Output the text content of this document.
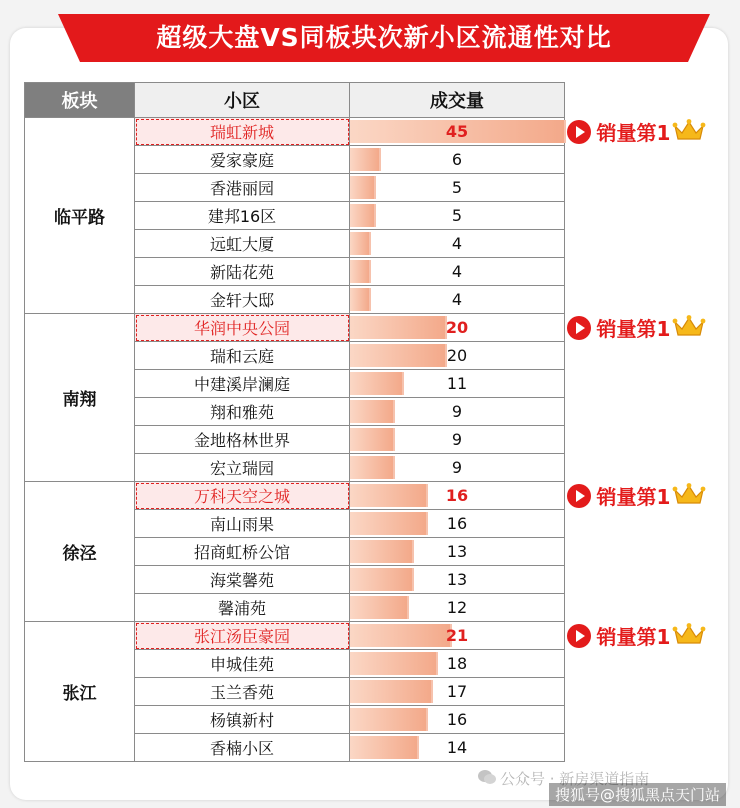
超级大盘VS同板块次新小区流通性对比
板块	小区	成交量
临平路	瑞虹新城	45
	爱家豪庭	6
	香港丽园	5
	建邦16区	5
	远虹大厦	4
	新陆花苑	4
	金轩大邸	4
南翔	华润中央公园	20
	瑞和云庭	20
	中建溪岸澜庭	11
	翔和雅苑	9
	金地格林世界	9
	宏立瑞园	9
徐泾	万科天空之城	16
	南山雨果	16
	招商虹桥公馆	13
	海棠馨苑	13
	馨浦苑	12
张江	张江汤臣豪园	21
	申城佳苑	18
	玉兰香苑	17
	杨镇新村	16
	香楠小区	14
销量第1
销量第1
销量第1
销量第1
公众号 · 新房渠道指南
搜狐号@搜狐黑点天门站
